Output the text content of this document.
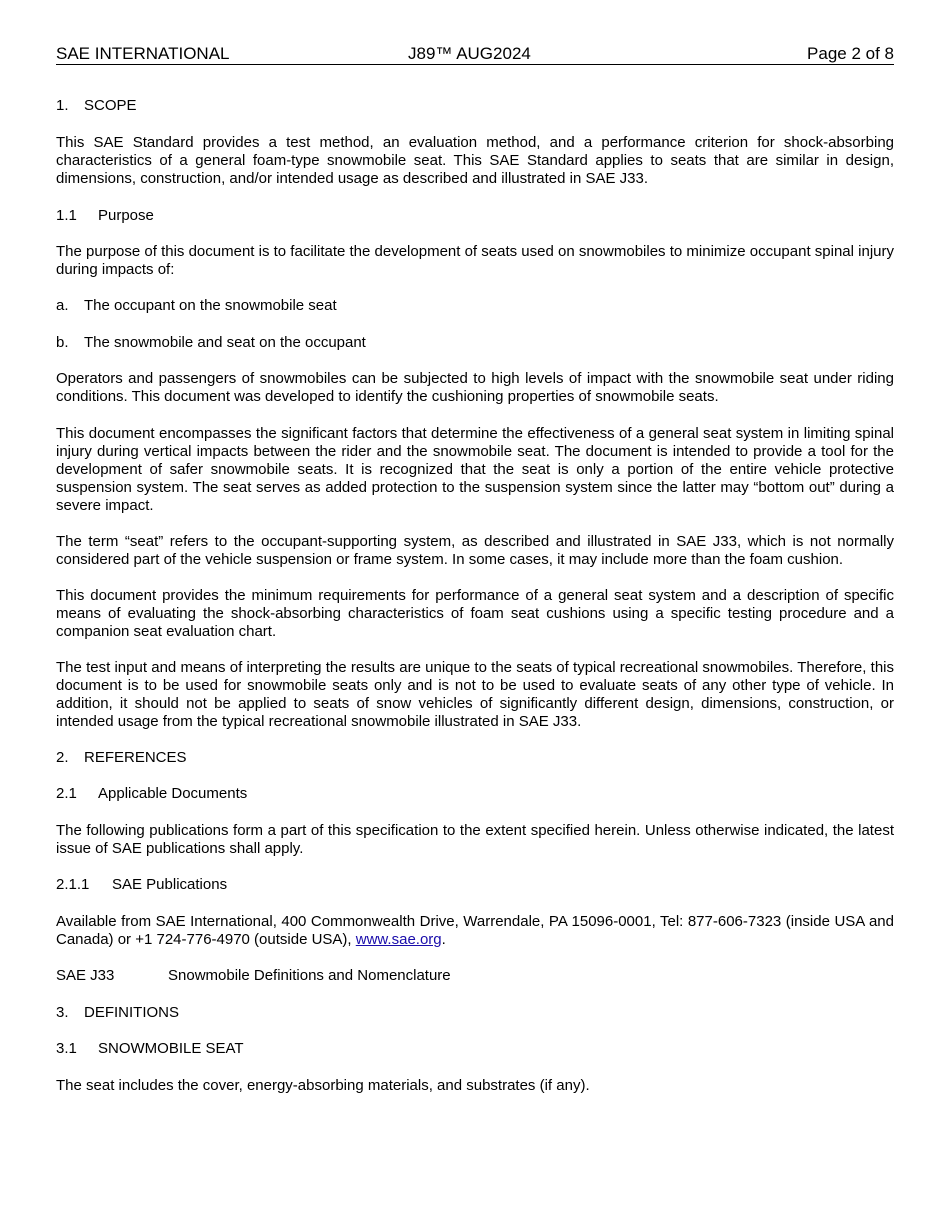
SAE INTERNATIONAL	J89™ AUG2024	Page 2 of 8
1. SCOPE
This SAE Standard provides a test method, an evaluation method, and a performance criterion for shock-absorbing characteristics of a general foam-type snowmobile seat. This SAE Standard applies to seats that are similar in design, dimensions, construction, and/or intended usage as described and illustrated in SAE J33.
1.1 Purpose
The purpose of this document is to facilitate the development of seats used on snowmobiles to minimize occupant spinal injury during impacts of:
a. The occupant on the snowmobile seat
b. The snowmobile and seat on the occupant
Operators and passengers of snowmobiles can be subjected to high levels of impact with the snowmobile seat under riding conditions. This document was developed to identify the cushioning properties of snowmobile seats.
This document encompasses the significant factors that determine the effectiveness of a general seat system in limiting spinal injury during vertical impacts between the rider and the snowmobile seat. The document is intended to provide a tool for the development of safer snowmobile seats. It is recognized that the seat is only a portion of the entire vehicle protective suspension system. The seat serves as added protection to the suspension system since the latter may “bottom out” during a severe impact.
The term “seat” refers to the occupant-supporting system, as described and illustrated in SAE J33, which is not normally considered part of the vehicle suspension or frame system. In some cases, it may include more than the foam cushion.
This document provides the minimum requirements for performance of a general seat system and a description of specific means of evaluating the shock-absorbing characteristics of foam seat cushions using a specific testing procedure and a companion seat evaluation chart.
The test input and means of interpreting the results are unique to the seats of typical recreational snowmobiles. Therefore, this document is to be used for snowmobile seats only and is not to be used to evaluate seats of any other type of vehicle. In addition, it should not be applied to seats of snow vehicles of significantly different design, dimensions, construction, or intended usage from the typical recreational snowmobile illustrated in SAE J33.
2. REFERENCES
2.1 Applicable Documents
The following publications form a part of this specification to the extent specified herein. Unless otherwise indicated, the latest issue of SAE publications shall apply.
2.1.1 SAE Publications
Available from SAE International, 400 Commonwealth Drive, Warrendale, PA 15096-0001, Tel: 877-606-7323 (inside USA and Canada) or +1 724-776-4970 (outside USA), www.sae.org.
SAE J33	Snowmobile Definitions and Nomenclature
3. DEFINITIONS
3.1 SNOWMOBILE SEAT
The seat includes the cover, energy-absorbing materials, and substrates (if any).
